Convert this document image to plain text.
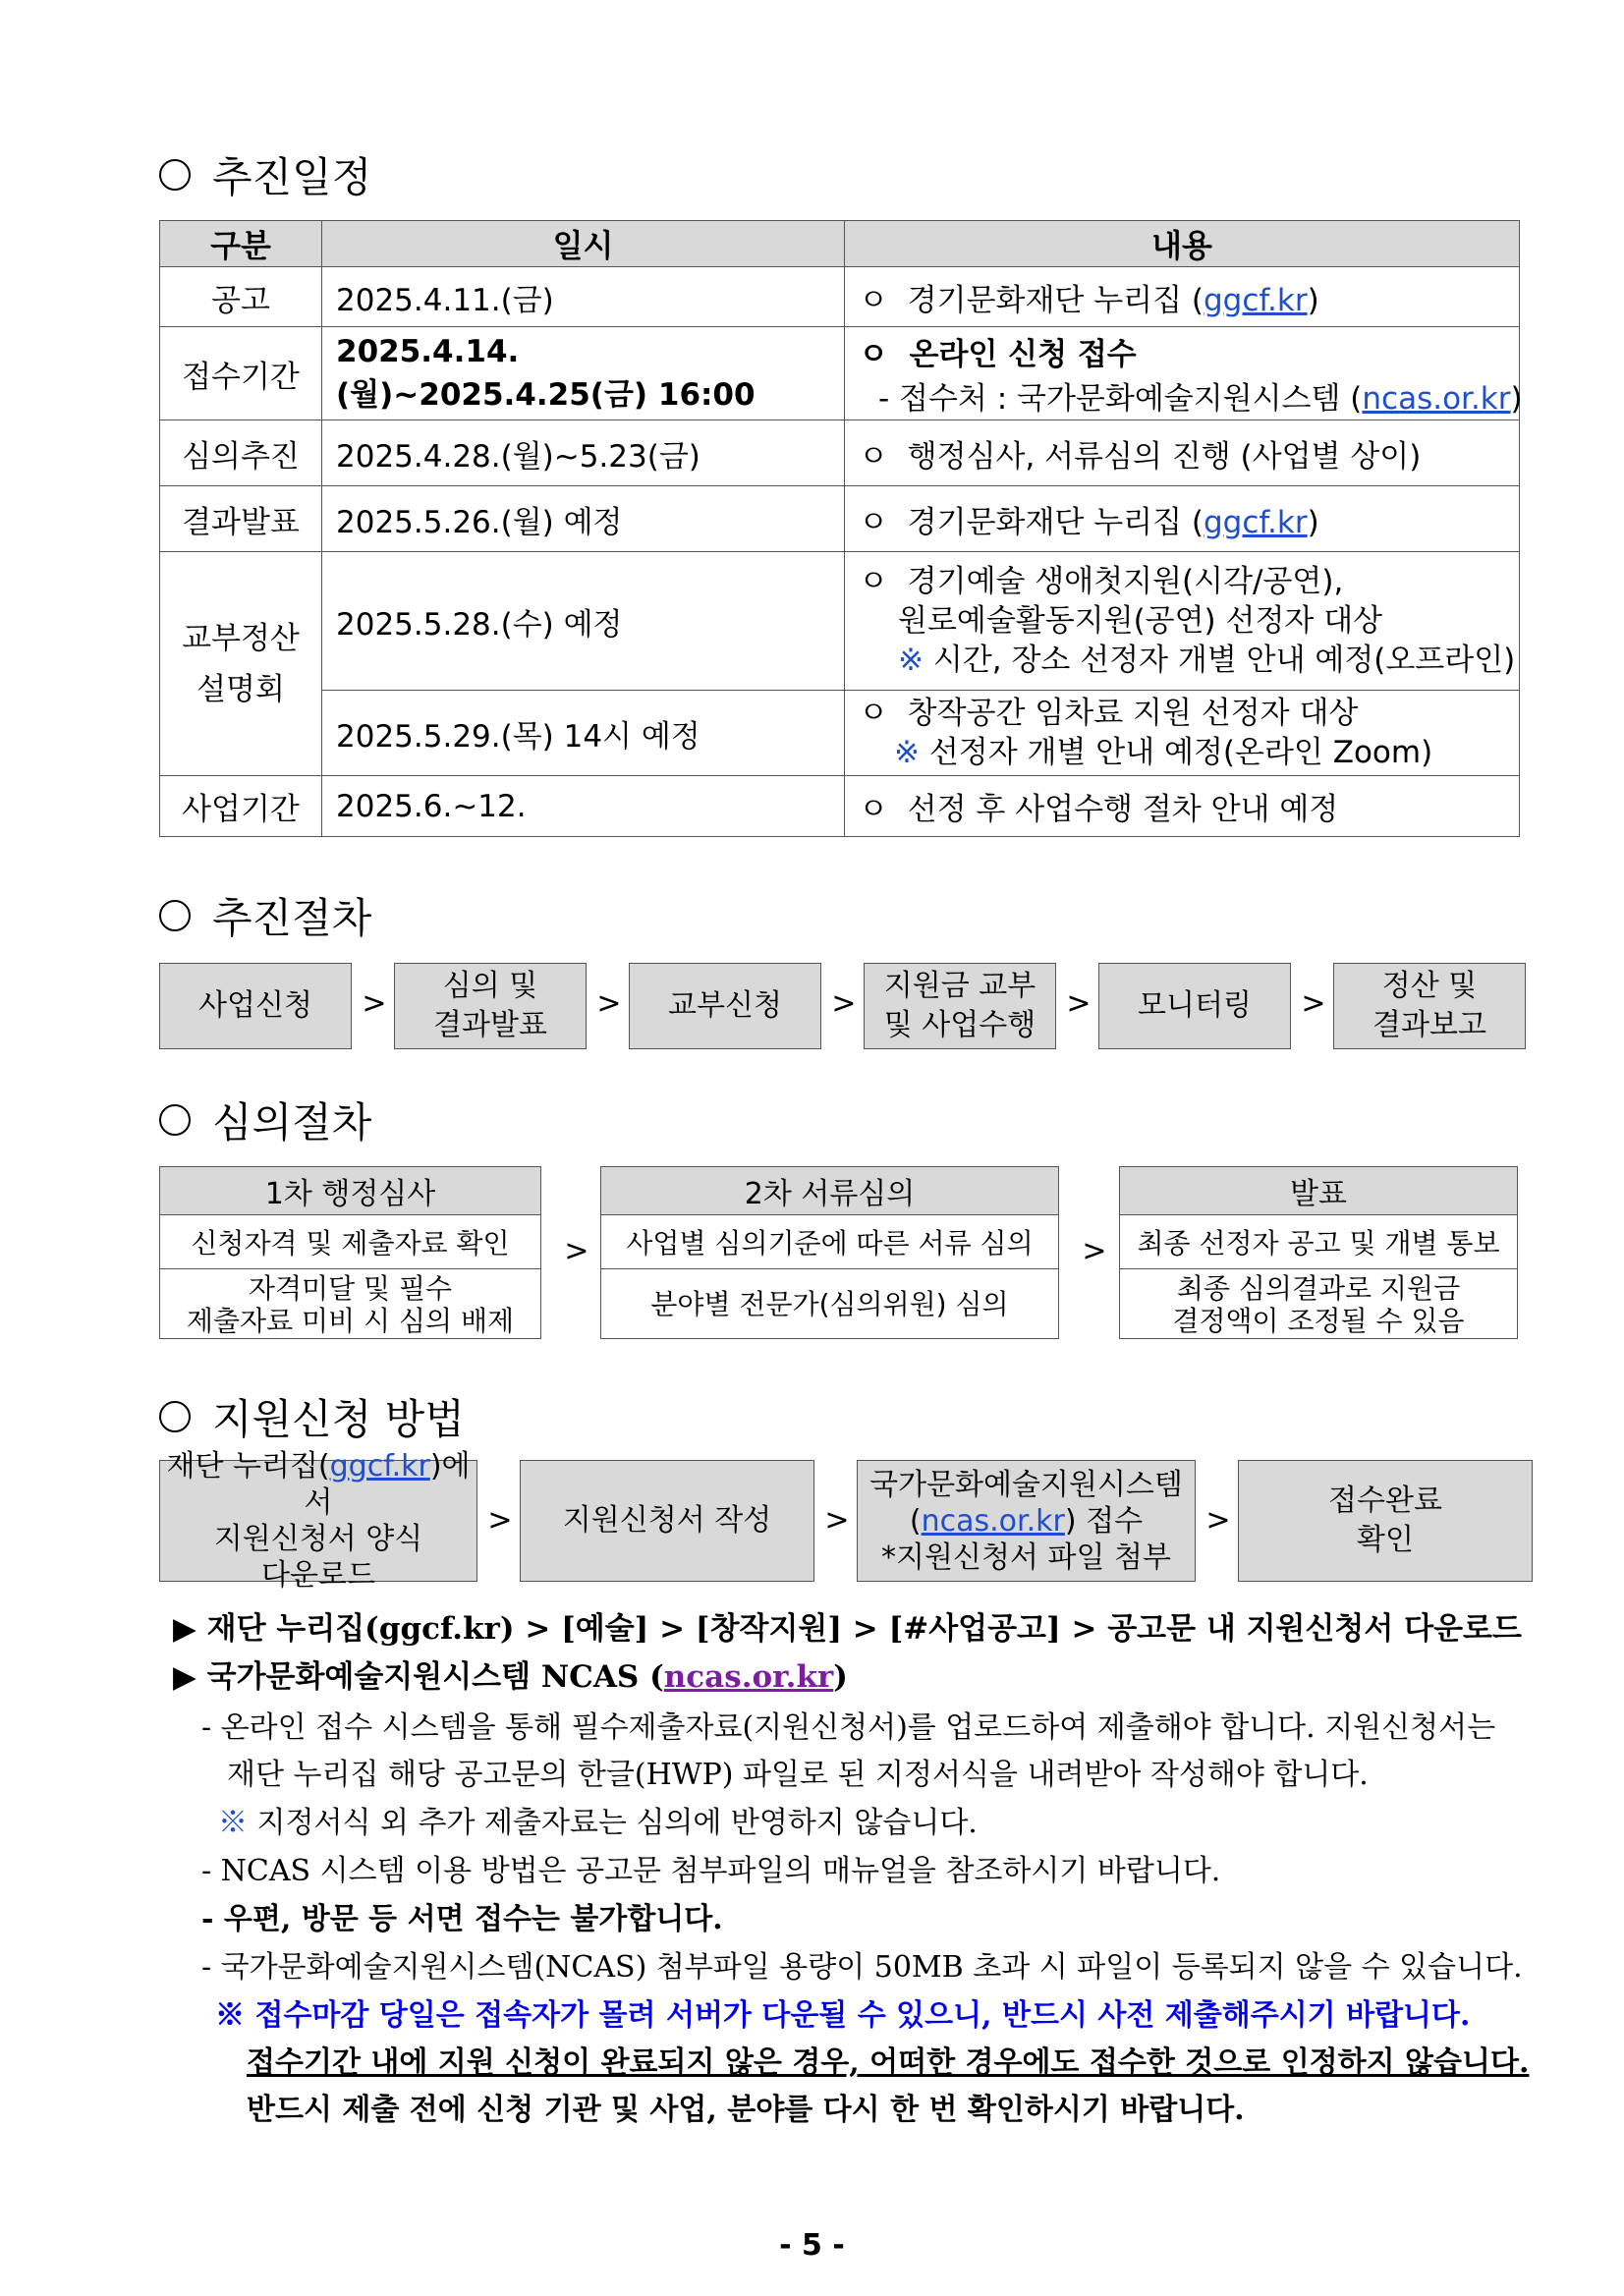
추진일정
구분	일시	내용
공고	2025.4.11.(금)	ㅇ 경기문화재단 누리집 (ggcf.kr)

접수기간	2025.4.14.(월)~2025.4.25(금) 16:00	ㅇ 온라인 신청 접수
- 접수처 : 국가문화예술지원시스템 (ncas.or.kr)

심의추진	2025.4.28.(월)~5.23(금)	ㅇ 행정심사, 서류심의 진행 (사업별 상이)

결과발표	2025.5.26.(월) 예정	ㅇ 경기문화재단 누리집 (ggcf.kr)

교부정산
설명회	2025.5.28.(수) 예정	ㅇ 경기예술 생애첫지원(시각/공연),
원로예술활동지원(공연) 선정자 대상
※ 시간, 장소 선정자 개별 안내 예정(오프라인)

	2025.5.29.(목) 14시 예정	ㅇ 창작공간 임차료 지원 선정자 대상
※ 선정자 개별 안내 예정(온라인 Zoom)

사업기간	2025.6.~12.	ㅇ 선정 후 사업수행 절차 안내 예정
추진절차
사업신청 >
심의 및
결과발표
> 교부신청 >
지원금 교부
및 사업수행
> 모니터링 >
정산 및
결과보고
심의절차
1차 행정심사
신청자격 및 제출자료 확인
자격미달 및 필수
제출자료 미비 시 심의 배제
>
2차 서류심의
사업별 심의기준에 따른 서류 심의
분야별 전문가(심의위원) 심의
>
발표
최종 선정자 공고 및 개별 통보
최종 심의결과로 지원금
결정액이 조정될 수 있음
지원신청 방법
재단 누리집(ggcf.kr)에서
지원신청서 양식
다운로드
> 지원신청서 작성 >
국가문화예술지원시스템
(ncas.or.kr) 접수
*지원신청서 파일 첨부
>
접수완료
확인
▶ 재단 누리집(ggcf.kr) > [예술] > [창작지원] > [#사업공고] > 공고문 내 지원신청서 다운로드
▶ 국가문화예술지원시스템 NCAS (ncas.or.kr)
- 온라인 접수 시스템을 통해 필수제출자료(지원신청서)를 업로드하여 제출해야 합니다. 지원신청서는
재단 누리집 해당 공고문의 한글(HWP) 파일로 된 지정서식을 내려받아 작성해야 합니다.
※ 지정서식 외 추가 제출자료는 심의에 반영하지 않습니다.
- NCAS 시스템 이용 방법은 공고문 첨부파일의 매뉴얼을 참조하시기 바랍니다.
- 우편, 방문 등 서면 접수는 불가합니다.
- 국가문화예술지원시스템(NCAS) 첨부파일 용량이 50MB 초과 시 파일이 등록되지 않을 수 있습니다.
※ 접수마감 당일은 접속자가 몰려 서버가 다운될 수 있으니, 반드시 사전 제출해주시기 바랍니다.
접수기간 내에 지원 신청이 완료되지 않은 경우, 어떠한 경우에도 접수한 것으로 인정하지 않습니다.
반드시 제출 전에 신청 기관 및 사업, 분야를 다시 한 번 확인하시기 바랍니다.
- 5 -
